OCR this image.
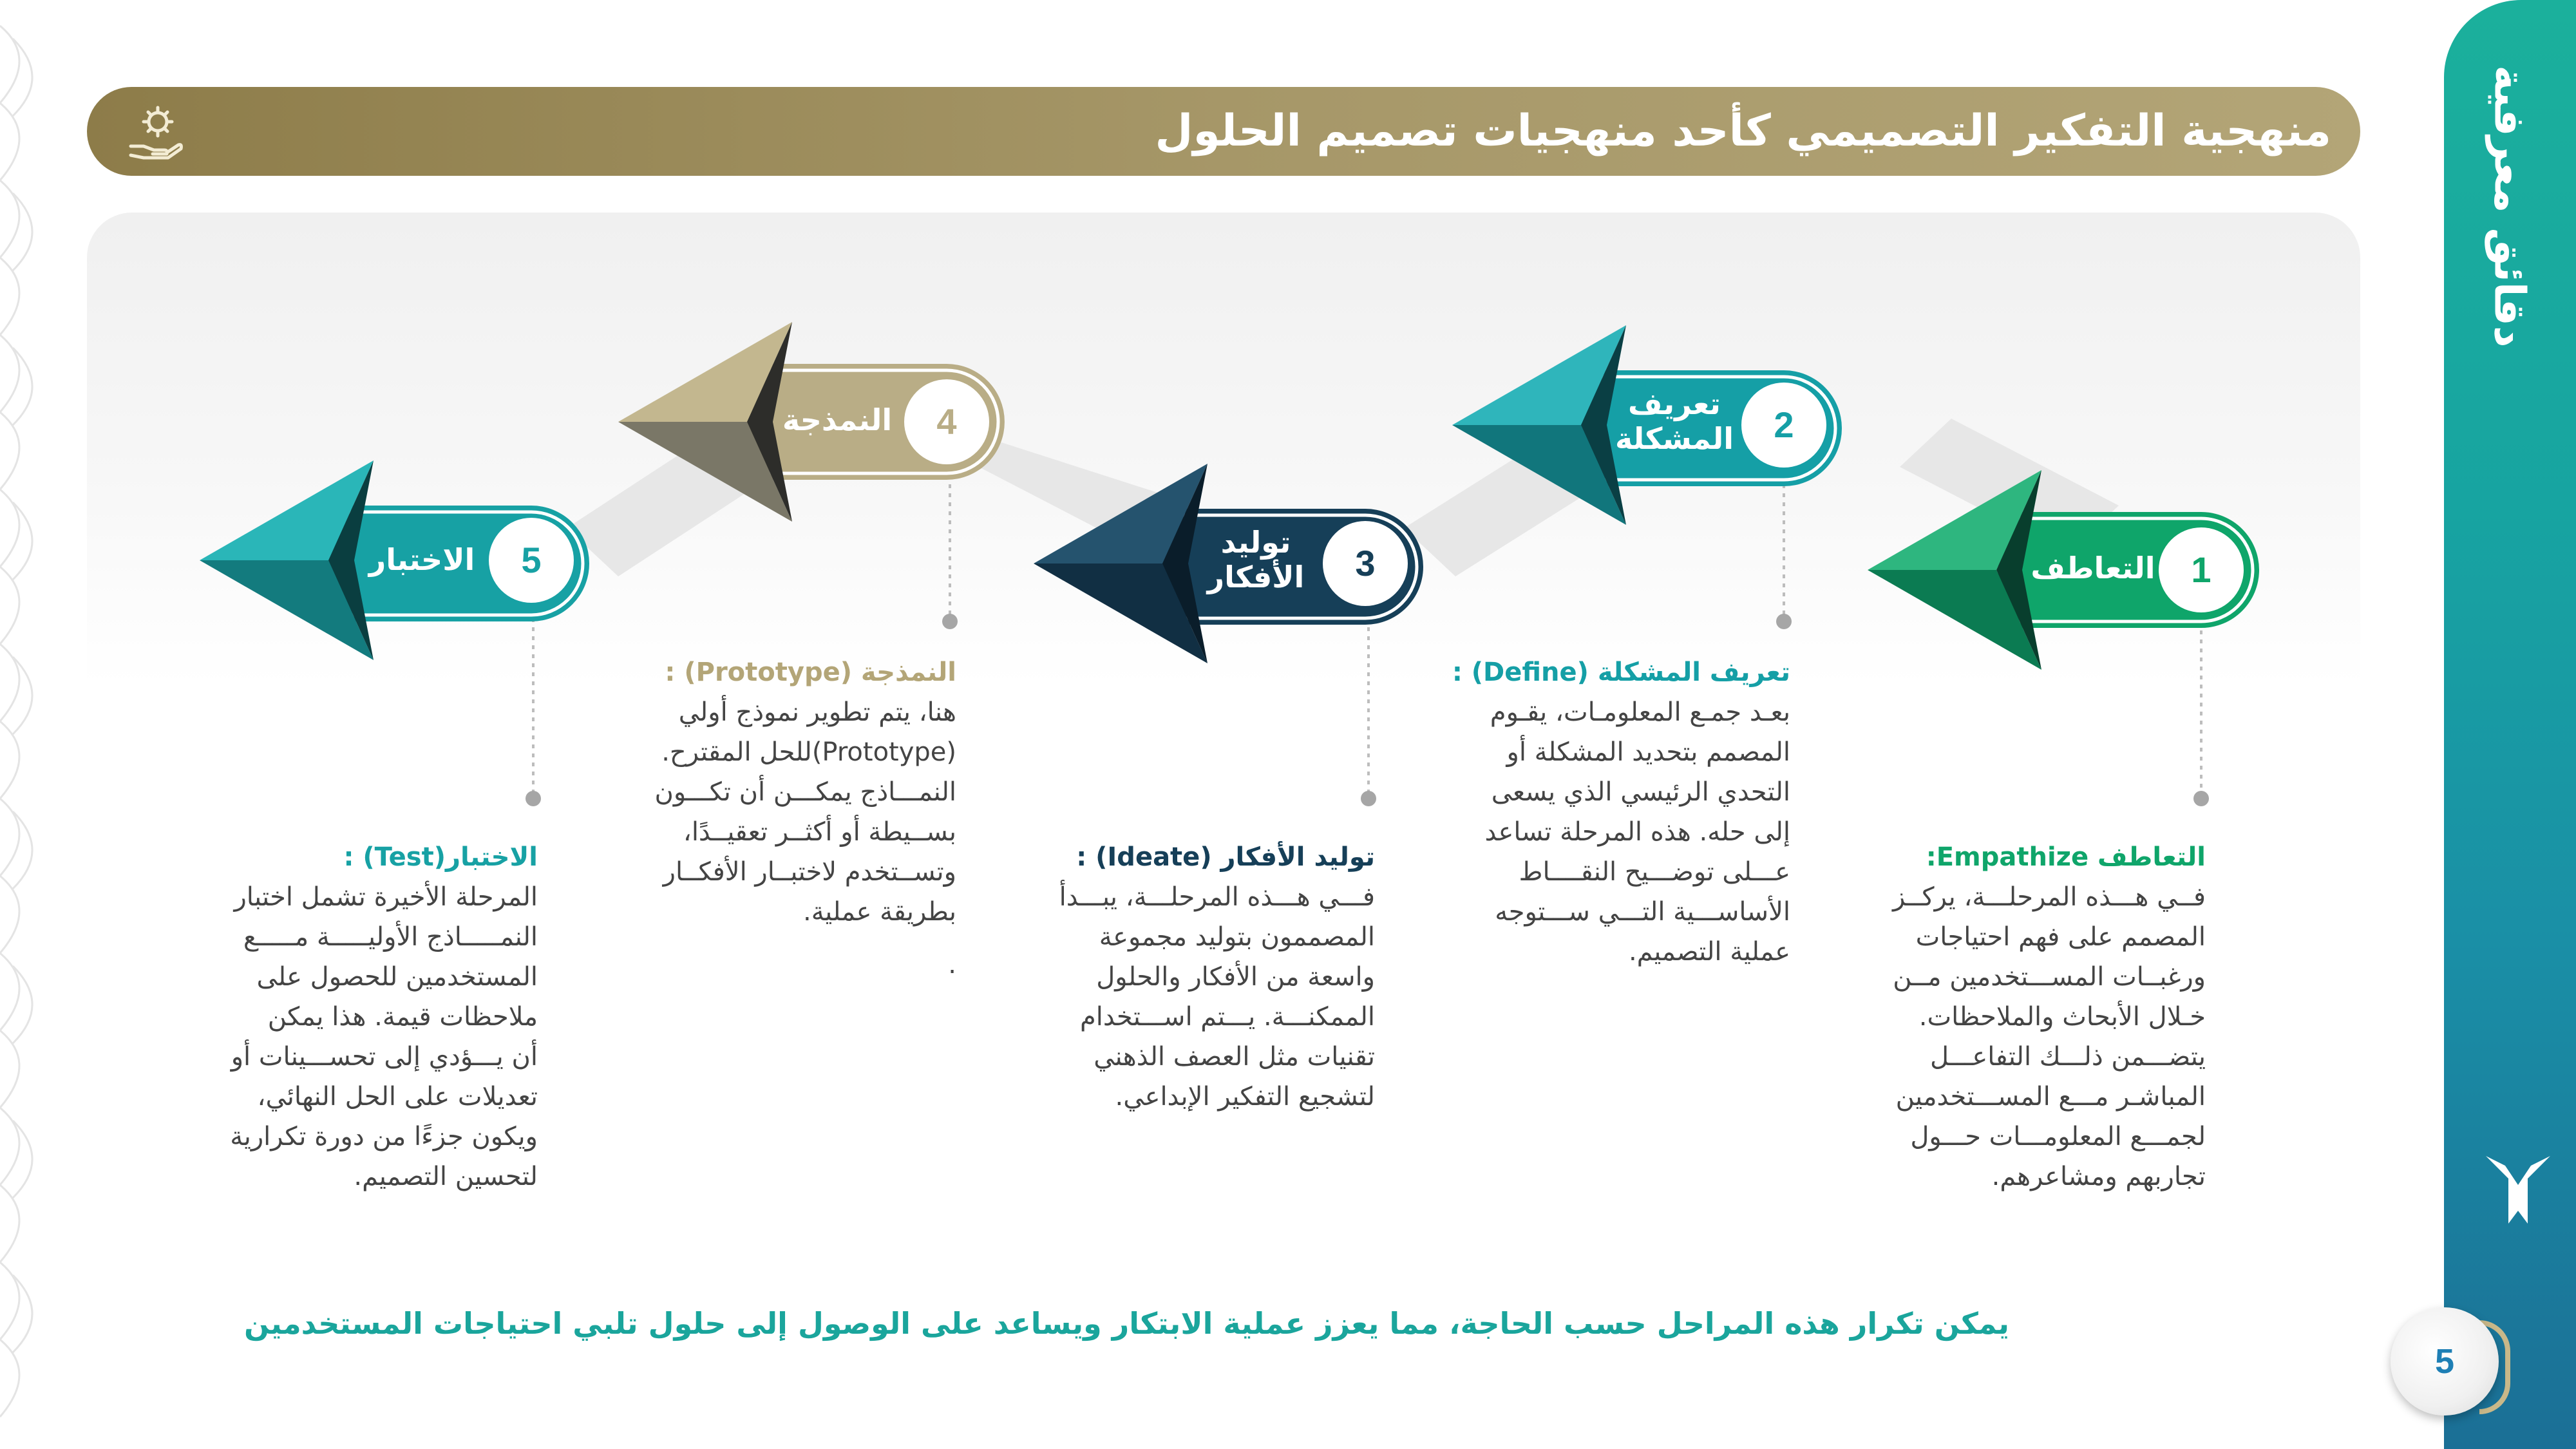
دقائق معرفية
5
منهجية التفكير التصميمي كأحد منهجيات تصميم الحلول
1
2
3
4
5	التعاطف
تعريف
المشكلة
توليد
الأفكار
النمذجة
الاختبار
التعاطف Empathize:
فــي هـــذه المرحلـــة، يركــز
المصمم على فهم احتياجات
ورغبــات المســـتخدمين مــن
خـلال الأبحاث والملاحظات.
يتضـــمن ذلـــك التفاعـــل
المباشـر مـــع المســـتخدمين
لجمـــع المعلومـــات حـــول
تجاربهم ومشاعرهم.
تعريف المشكلة (Define) :
بعـد جمـع المعلومـات، يقـوم
المصمم بتحديد المشكلة أو
التحدي الرئيسي الذي يسعى
إلى حله. هذه المرحلة تساعد
عـــلى توضـــيح النقــــاط
الأساســـية التـــي ســـتوجه
عملية التصميم.
توليد الأفكار (Ideate) :
فـــي هـــذه المرحلـــة، يبـــدأ
المصممون بتوليد مجموعة
واسعة من الأفكار والحلول
الممكنـــة. يـــتم اســـتخدام
تقنيات مثل العصف الذهني
لتشجيع التفكير الإبداعي.
النمذجة (Prototype) :
هنا، يتم تطوير نموذج أولي
(Prototype)للحل المقترح.
النمـــاذج يمكـــن أن تكـــون
بســيطة أو أكثــر تعقيــدًا،
وتســتخدم لاختبــار الأفكــار
بطريقة عملية.
.
الاختبار(Test) :
المرحلة الأخيرة تشمل اختبار
النمـــــاذج الأوليـــــة مـــــع
المستخدمين للحصول على
ملاحظات قيمة. هذا يمكن
أن يـــؤدي إلى تحســـينات أو
تعديلات على الحل النهائي،
ويكون جزءًا من دورة تكرارية
لتحسين التصميم.
يمكن تكرار هذه المراحل حسب الحاجة، مما يعزز عملية الابتكار ويساعد على الوصول إلى حلول تلبي احتياجات المستخدمين
